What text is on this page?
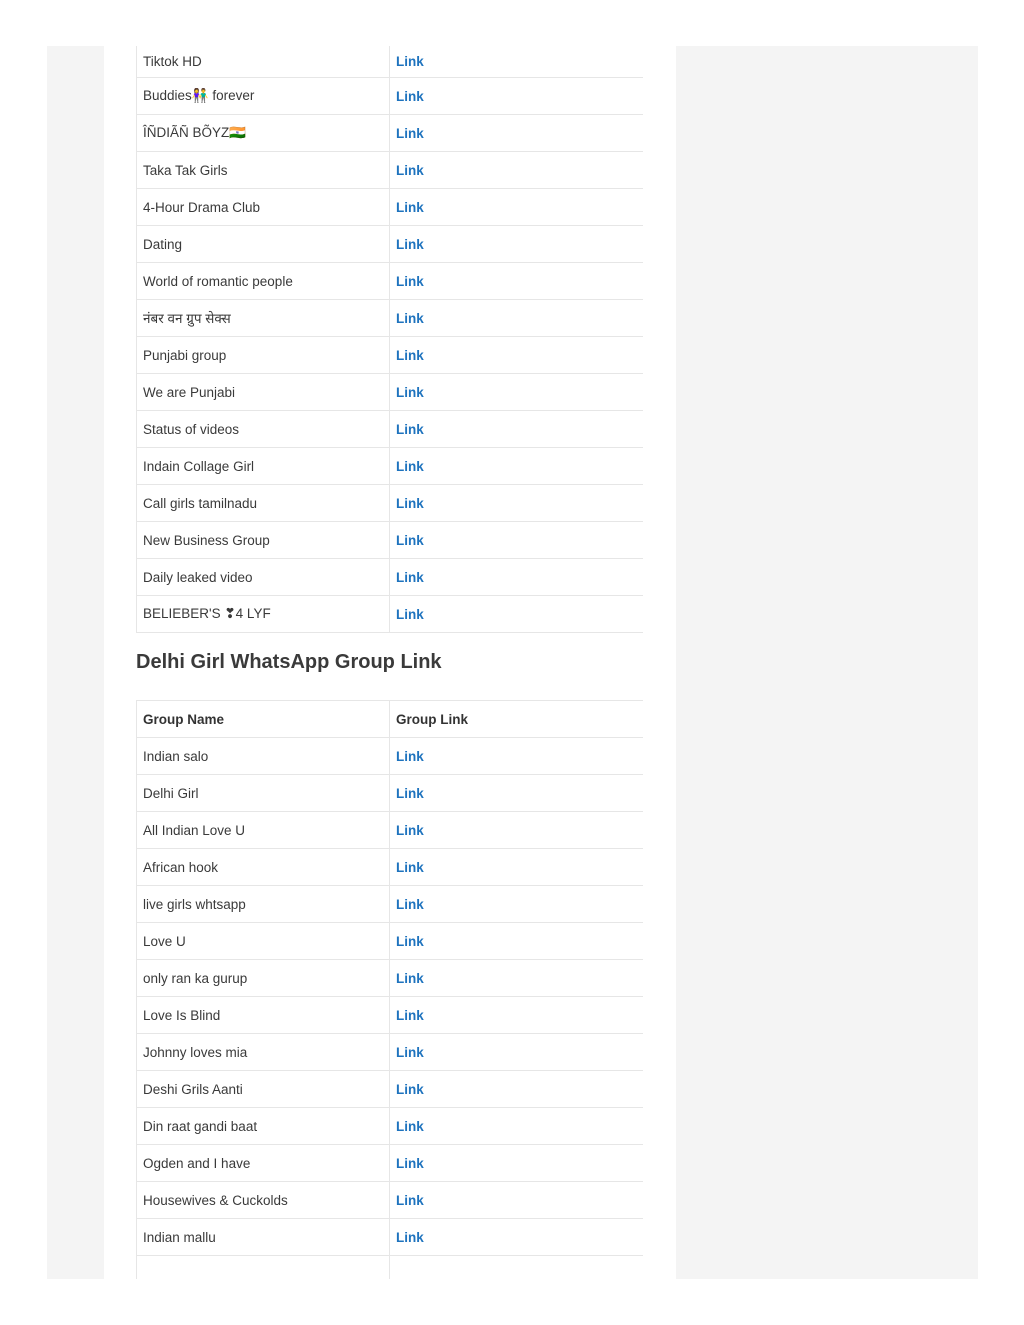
Tiktok HD	Link
Buddies👫 forever	Link
ÎÑDIÃÑ BÕYZ🇮🇳	Link
Taka Tak Girls	Link
4-Hour Drama Club	Link
Dating	Link
World of romantic people	Link
नंबर वन ग्रुप सेक्स	Link
Punjabi group	Link
We are Punjabi	Link
Status of videos	Link
Indain Collage Girl	Link
Call girls tamilnadu	Link
New Business Group	Link
Daily leaked video	Link
BELIEBER'S ❣4 LYF	Link
Delhi Girl WhatsApp Group Link
Group Name	Group Link
Indian salo	Link
Delhi Girl	Link
All Indian Love U	Link
African hook	Link
live girls whtsapp	Link
Love U	Link
only ran ka gurup	Link
Love Is Blind	Link
Johnny loves mia	Link
Deshi Grils Aanti	Link
Din raat gandi baat	Link
Ogden and I have	Link
Housewives & Cuckolds	Link
Indian mallu	Link
